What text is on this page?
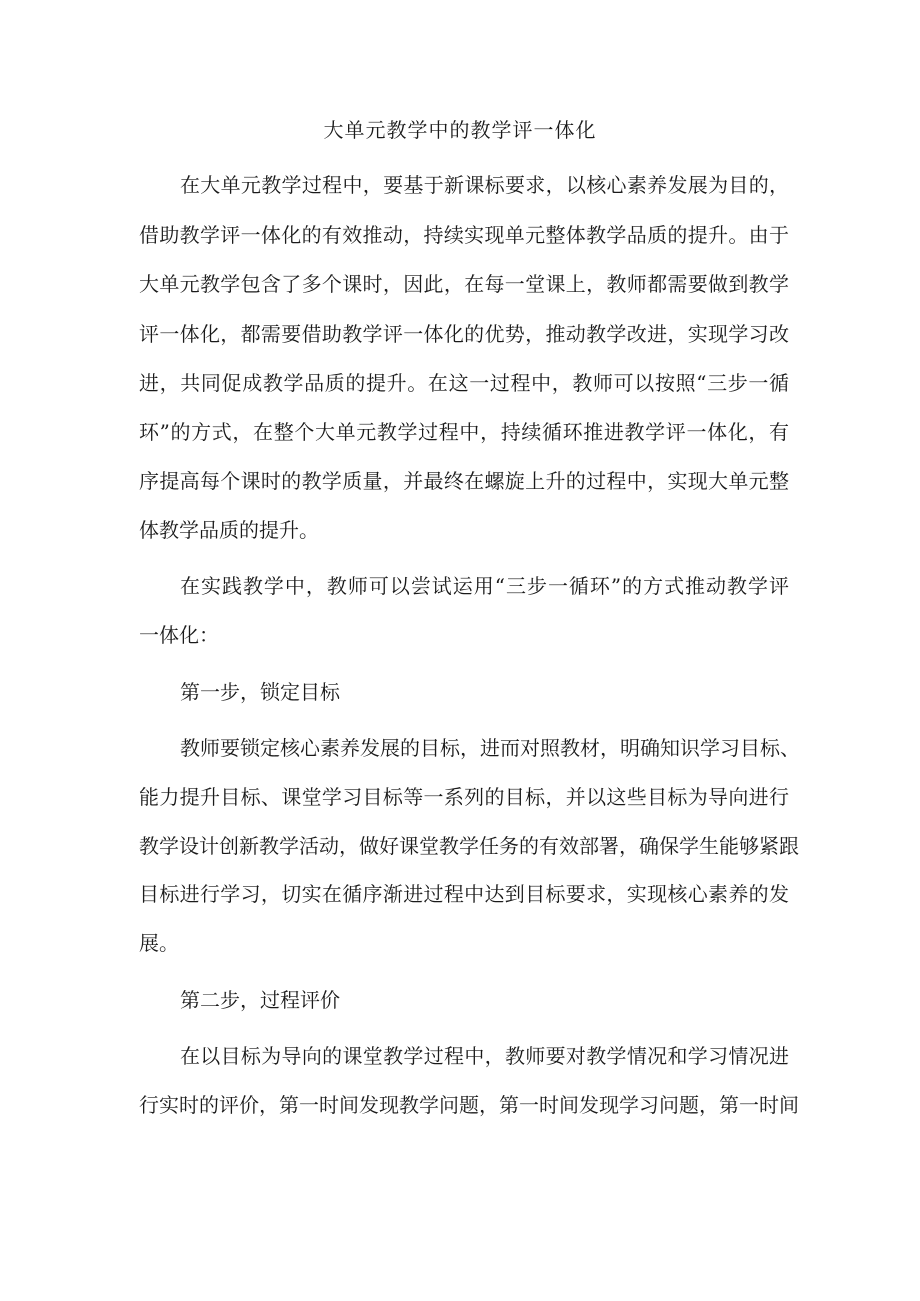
大单元教学中的教学评一体化
在大单元教学过程中，要基于新课标要求，以核心素养发展为目的，
借助教学评一体化的有效推动，持续实现单元整体教学品质的提升。由于
大单元教学包含了多个课时，因此，在每一堂课上，教师都需要做到教学
评一体化，都需要借助教学评一体化的优势，推动教学改进，实现学习改
进，共同促成教学品质的提升。在这一过程中，教师可以按照“三步一循
环”的方式，在整个大单元教学过程中，持续循环推进教学评一体化，有
序提高每个课时的教学质量，并最终在螺旋上升的过程中，实现大单元整
体教学品质的提升。
在实践教学中，教师可以尝试运用“三步一循环”的方式推动教学评
一体化：
第一步，锁定目标
教师要锁定核心素养发展的目标，进而对照教材，明确知识学习目标、
能力提升目标、课堂学习目标等一系列的目标，并以这些目标为导向进行
教学设计创新教学活动，做好课堂教学任务的有效部署，确保学生能够紧跟
目标进行学习，切实在循序渐进过程中达到目标要求，实现核心素养的发
展。
第二步，过程评价
在以目标为导向的课堂教学过程中，教师要对教学情况和学习情况进
行实时的评价，第一时间发现教学问题，第一时间发现学习问题，第一时间
